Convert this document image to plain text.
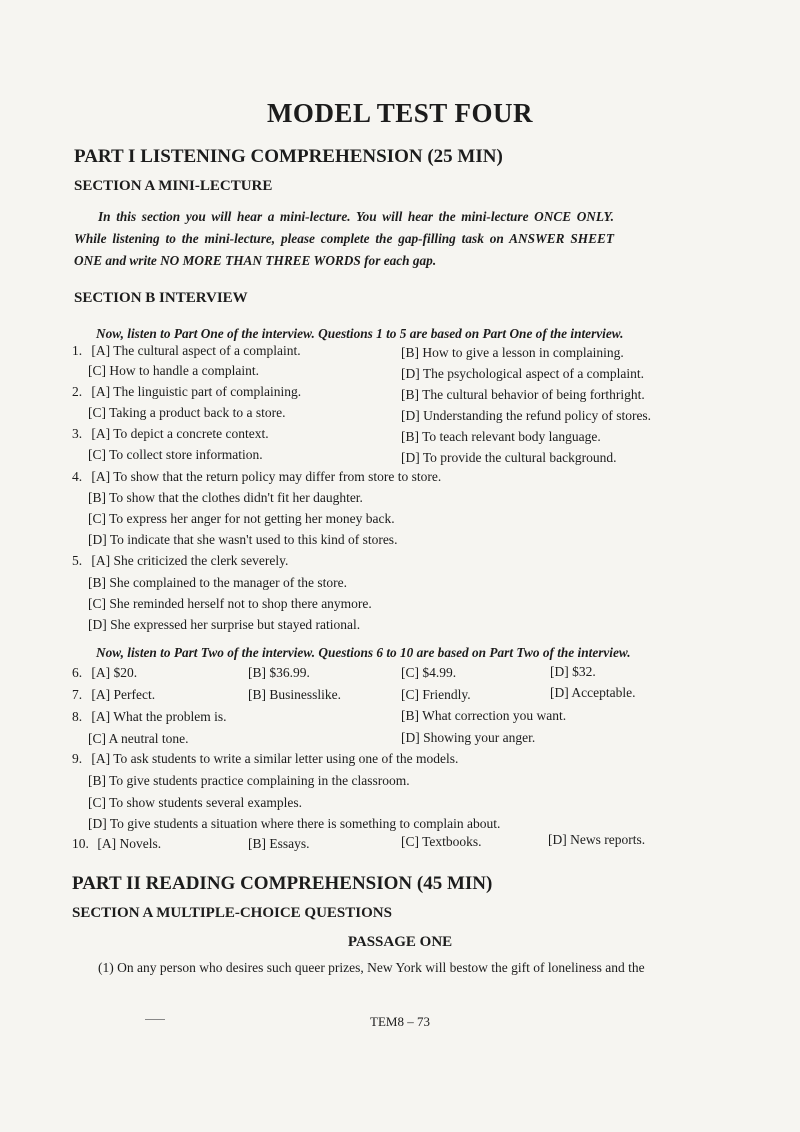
MODEL TEST FOUR
PART I LISTENING COMPREHENSION (25 MIN)
SECTION A MINI-LECTURE

In this section you will hear a mini-lecture. You will hear the mini-lecture ONCE ONLY. While listening to the mini-lecture, please complete the gap-filling task on ANSWER SHEET ONE and write NO MORE THAN THREE WORDS for each gap.

SECTION B INTERVIEW
Now, listen to Part One of the interview. Questions 1 to 5 are based on Part One of the interview.
1. [A] The cultural aspect of a complaint.	[B] How to give a lesson in complaining.
[C] How to handle a complaint.	[D] The psychological aspect of a complaint.
2. [A] The linguistic part of complaining.	[B] The cultural behavior of being forthright.
[C] Taking a product back to a store.	[D] Understanding the refund policy of stores.
3. [A] To depict a concrete context.	[B] To teach relevant body language.
[C] To collect store information.	[D] To provide the cultural background.
4. [A] To show that the return policy may differ from store to store.
[B] To show that the clothes didn't fit her daughter.
[C] To express her anger for not getting her money back.
[D] To indicate that she wasn't used to this kind of stores.
5. [A] She criticized the clerk severely.
[B] She complained to the manager of the store.
[C] She reminded herself not to shop there anymore.
[D] She expressed her surprise but stayed rational.
Now, listen to Part Two of the interview. Questions 6 to 10 are based on Part Two of the interview.
6. [A] $20.	[B] $36.99.	[C] $4.99.	[D] $32.
7. [A] Perfect.	[B] Businesslike.	[C] Friendly.	[D] Acceptable.
8. [A] What the problem is.	[B] What correction you want.
[C] A neutral tone.	[D] Showing your anger.
9. [A] To ask students to write a similar letter using one of the models.
[B] To give students practice complaining in the classroom.
[C] To show students several examples.
[D] To give students a situation where there is something to complain about.
10. [A] Novels.	[B] Essays.	[C] Textbooks.	[D] News reports.
PART II READING COMPREHENSION (45 MIN)
SECTION A MULTIPLE-CHOICE QUESTIONS
PASSAGE ONE
(1) On any person who desires such queer prizes, New York will bestow the gift of loneliness and the
TEM8 – 73
